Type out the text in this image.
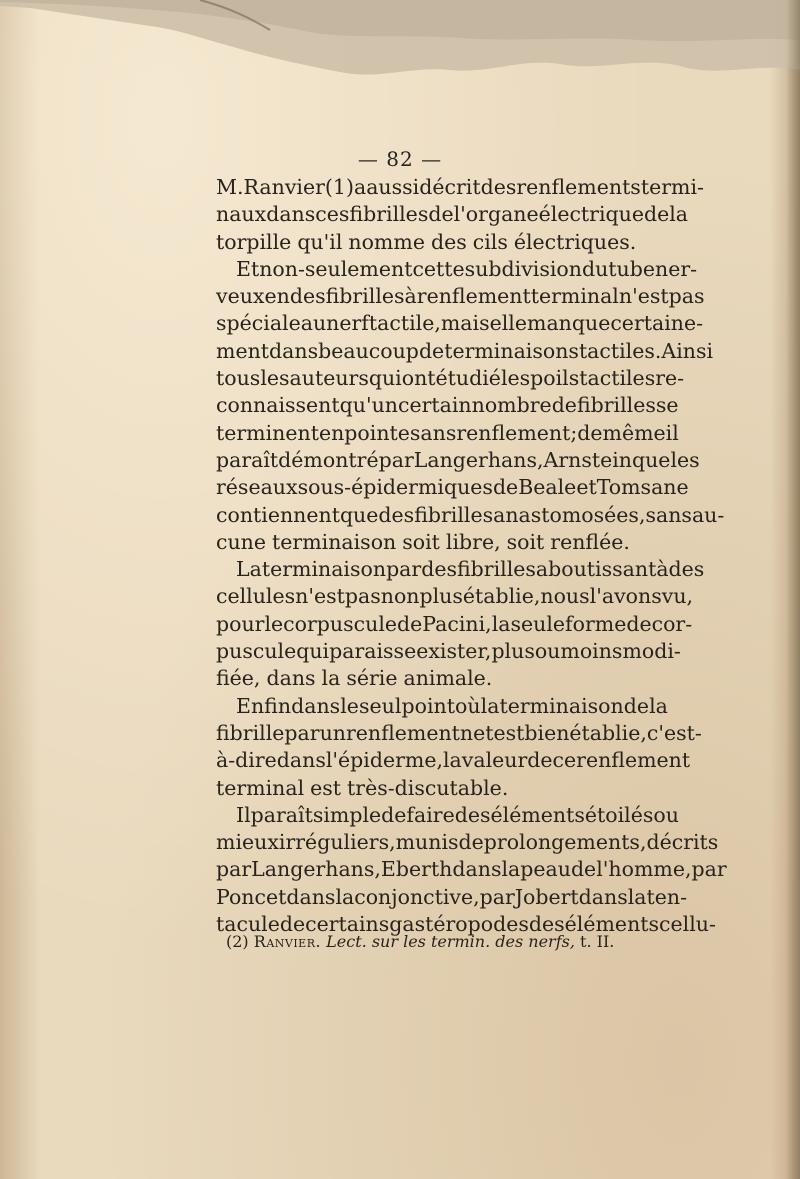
— 82 —
M. Ranvier (1) a aussi décrit des renflements termi-
naux dans ces fibrilles de l'organe électrique de la
torpille qu'il nomme des cils électriques.
Et non-seulement cette subdivision du tube ner-
veux en des fibrilles à renflement terminal n'est pas
spéciale au nerf tactile, mais elle manque certaine-
ment dans beaucoup de terminaisons tactiles. Ainsi
tous les auteurs qui ont étudié les poils tactiles re-
connaissent qu'un certain nombre de fibrilles se
terminent en pointe sans renflement; de même il
paraît démontré par Langerhans, Arnstein que les
réseaux sous-épidermiques de Beale et Tomsa ne
contiennent que des fibrilles anastomosées, sans au-
cune terminaison soit libre, soit renflée.
La terminaison par des fibrilles aboutissant à des
cellules n'est pas non plus établie, nous l'avons vu,
pour le corpuscule de Pacini, la seule forme de cor-
puscule qui paraisse exister, plus ou moins modi-
fiée, dans la série animale.
Enfin dans le seul point où la terminaison de la
fibrille par un renflement net est bien établie, c'est-
à-dire dans l'épiderme, la valeur de ce renflement
terminal est très-discutable.
Il paraît simple de faire des éléments étoilés ou
mieux irréguliers, munis de prolongements, décrits
par Langerhans, Eberth dans la peau de l'homme, par
Poncet dans la conjonctive, par Jobert dans la ten-
tacule de certains gastéropodes des éléments cellu-
(2) Ranvier. Lect. sur les termin. des nerfs, t. II.
